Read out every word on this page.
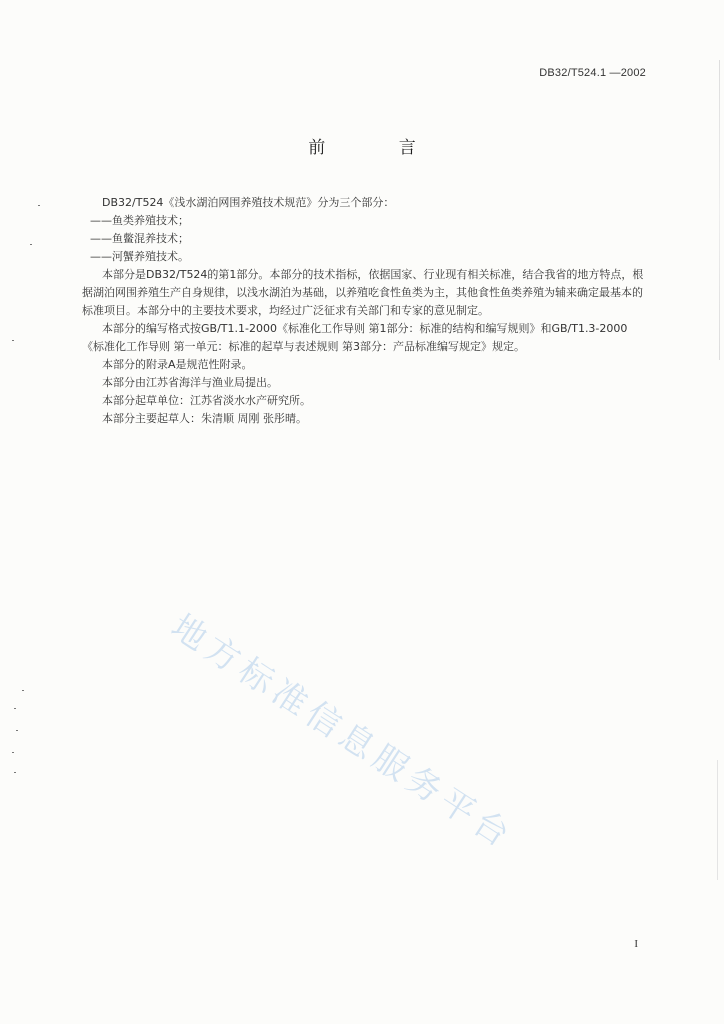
DB32/T524.1 —2002
前 言

DB32/T524《浅水湖泊网围养殖技术规范》分为三个部分：

——鱼类养殖技术；

——鱼鳖混养技术；

——河蟹养殖技术。

本部分是DB32/T524的第1部分。本部分的技术指标，依据国家、行业现有相关标准，结合我省的地方特点，根据湖泊网围养殖生产自身规律，以浅水湖泊为基础，以养殖吃食性鱼类为主，其他食性鱼类养殖为辅来确定最基本的标准项目。本部分中的主要技术要求，均经过广泛征求有关部门和专家的意见制定。

本部分的编写格式按GB/T1.1-2000《标准化工作导则 第1部分：标准的结构和编写规则》和GB/T1.3-2000《标准化工作导则 第一单元：标准的起草与表述规则 第3部分：产品标准编写规定》规定。

本部分的附录A是规范性附录。

本部分由江苏省海洋与渔业局提出。

本部分起草单位：江苏省淡水水产研究所。

本部分主要起草人：朱清顺 周刚 张彤晴。

地方标准信息服务平台
I
